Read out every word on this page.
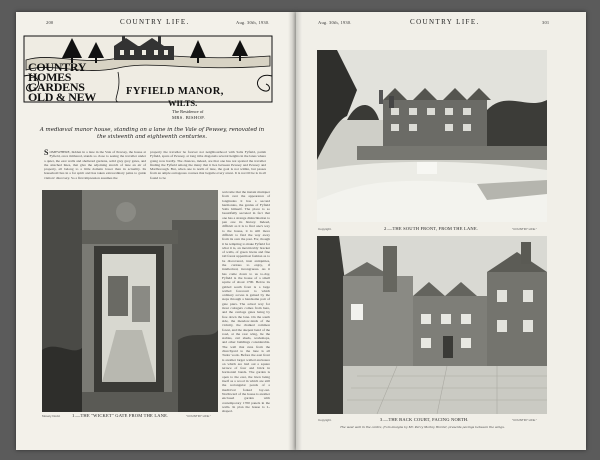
200	COUNTRY LIFE.	Aug. 30th, 1930.
COUNTRY
HOMES
GARDENS
OLD & NEW	FYFIELD MANOR,
WILTS.
The Residence of
MRS. BISHOP.
A mediæval manor house, standing on a lane in the Vale of Pewsey, renovated in the sixteenth and eighteenth centuries.
SOMEWHERE, hidden in a lane in the Vale of Pewsey, the house at Fyfield, once timbered, stands so close to seeing the traveller under a quiet, the east walls and sheltered gardens, solid grey grey gates, and the attached lines, that give the adjoining stretch of lane an air of property, all belong to a little domain lower than in actuality. Its household lies in a far spirit and has taken extraordinary pains to guide visitors' discovery. So a first impression assumes the
property the traveller be forever not neighbourhood with Salts Fyfield, parish Fyfield, spurs of Pewsey, at long tribe diagonals several heights in the lanes where going now hardly. The chances, indeed, are that one has not spotted the traveller finding the Fyfield among the many that it lies between Pewsey and Pewsey and Marlborough. But, when one is north of lane, the goal is not within, but passes from an ample outrageous courses that beguile every arrest. It is not till he is in all found to be
welcome that the instant mutiquer from over the appearance of longitudes it has a second harmonies, the genius of Fyfield Salts himself. The place is so beautifully secreted in fact that one has a strange disinclination to pen one its history. Indeed, difficult as it is to find one's way to the house, it is still more difficult to find the way away from its own the past. For, though it be tempting to make Fyfield for what it is, an inextricably bracket of walls, of green lawns and fine tall forest uppermost fashion as to be discovered, trust antiquities, the curious to enjoy, if intellectual, incongruous. As it has come down to us to-day, Fyfield is the house of a small squire of about 1700. Below its gabled south front is a large walled forecourt to which ordinary access is gained by the steps through a handsome pair of gate piers. The actual way for most cottagers comes from here, and the carriage gates being by free down the lane. On the south side, the meadow-lands of the vicinity, the chalked common forest, and the deepest bend of the road, at the rear wing, lie the stables, cart sheds, workshops, and other buildings considerable. The wall that runs from the churchyard to the lane is all Tudor work. Before the east front is another larger walled enclosure on which are laid out a square terrace of four and brick in horizontal bands. The garden is open to the east, the lawn being itself as a wood in which are still the rectangular ponds of a mediæval forked lay-out. Northward of the house is another enclosed garden with contemporary 1700 panels in the walls. In plan the house is L-shaped.
1.—THE "WICKET" GATE FROM THE LANE.	"COUNTRY LIFE."
Mosely Dodd.
Aug. 30th, 1930.	COUNTRY LIFE.	301
2.—THE SOUTH FRONT, FROM THE LANE.	"COUNTRY LIFE."
Copyright.
3.—THE BACK COURT, FACING NORTH.	"COUNTRY LIFE."
Copyright.
The west wall in the centre, from designs by Mr. Percy Morley Horder, presents pavings between the wings.
